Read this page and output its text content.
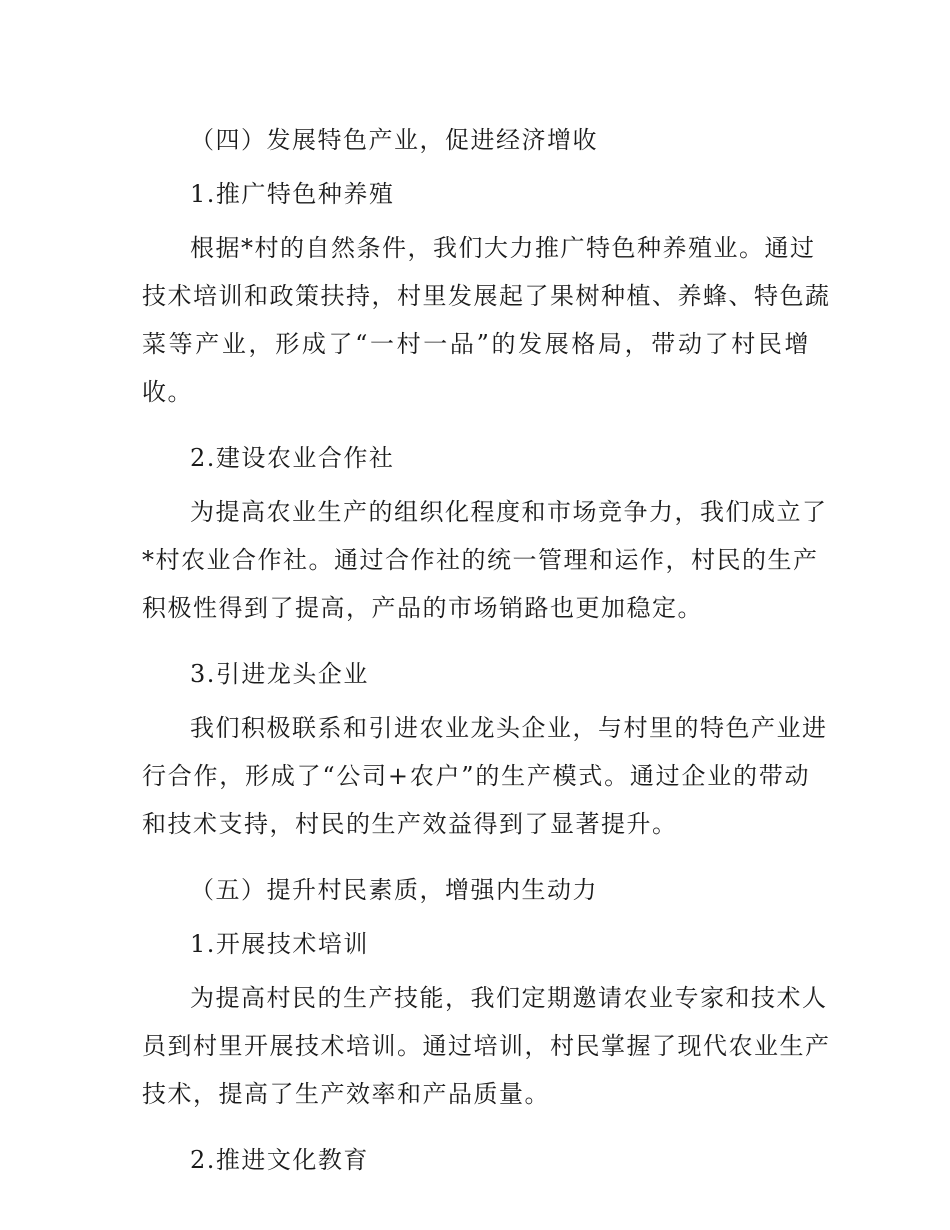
（四）发展特色产业，促进经济增收
1.推广特色种养殖
根据*村的自然条件，我们大力推广特色种养殖业。通过
技术培训和政策扶持，村里发展起了果树种植、养蜂、特色蔬
菜等产业，形成了“一村一品”的发展格局，带动了村民增
收。
2.建设农业合作社
为提高农业生产的组织化程度和市场竞争力，我们成立了
*村农业合作社。通过合作社的统一管理和运作，村民的生产
积极性得到了提高，产品的市场销路也更加稳定。
3.引进龙头企业
我们积极联系和引进农业龙头企业，与村里的特色产业进
行合作，形成了“公司+农户”的生产模式。通过企业的带动
和技术支持，村民的生产效益得到了显著提升。
（五）提升村民素质，增强内生动力
1.开展技术培训
为提高村民的生产技能，我们定期邀请农业专家和技术人
员到村里开展技术培训。通过培训，村民掌握了现代农业生产
技术，提高了生产效率和产品质量。
2.推进文化教育
